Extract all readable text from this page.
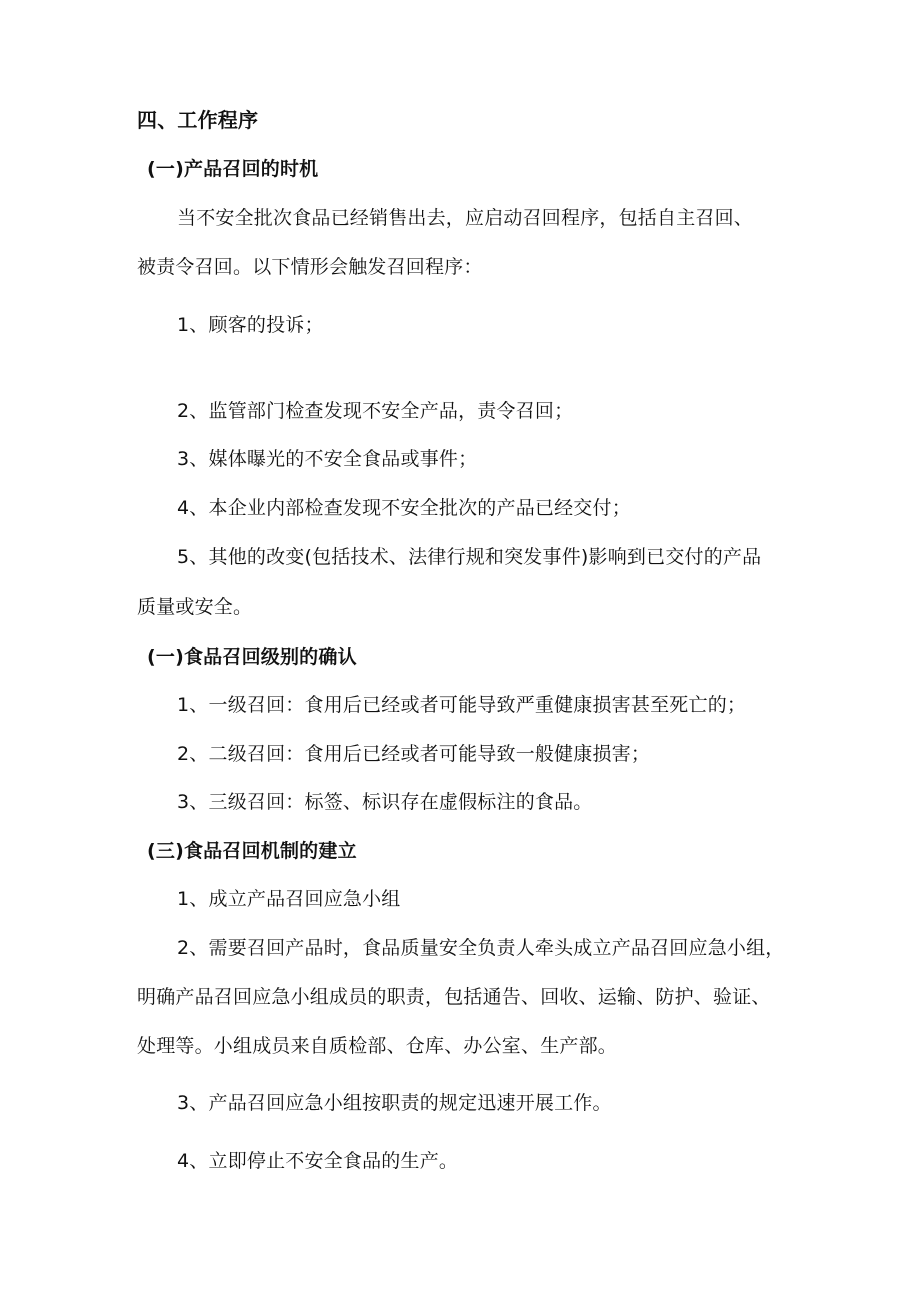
四、工作程序
(一)产品召回的时机
当不安全批次食品已经销售出去，应启动召回程序，包括自主召回、
被责令召回。以下情形会触发召回程序：
1、顾客的投诉；
2、监管部门检查发现不安全产品，责令召回；
3、媒体曝光的不安全食品或事件；
4、本企业内部检查发现不安全批次的产品已经交付；
5、其他的改变(包括技术、法律行规和突发事件)影响到已交付的产品
质量或安全。
(一)食品召回级别的确认
1、一级召回：食用后已经或者可能导致严重健康损害甚至死亡的；
2、二级召回：食用后已经或者可能导致一般健康损害；
3、三级召回：标签、标识存在虚假标注的食品。
(三)食品召回机制的建立
1、成立产品召回应急小组
2、需要召回产品时，食品质量安全负责人牵头成立产品召回应急小组，
明确产品召回应急小组成员的职责，包括通告、回收、运输、防护、验证、
处理等。小组成员来自质检部、仓库、办公室、生产部。
3、产品召回应急小组按职责的规定迅速开展工作。
4、立即停止不安全食品的生产。
